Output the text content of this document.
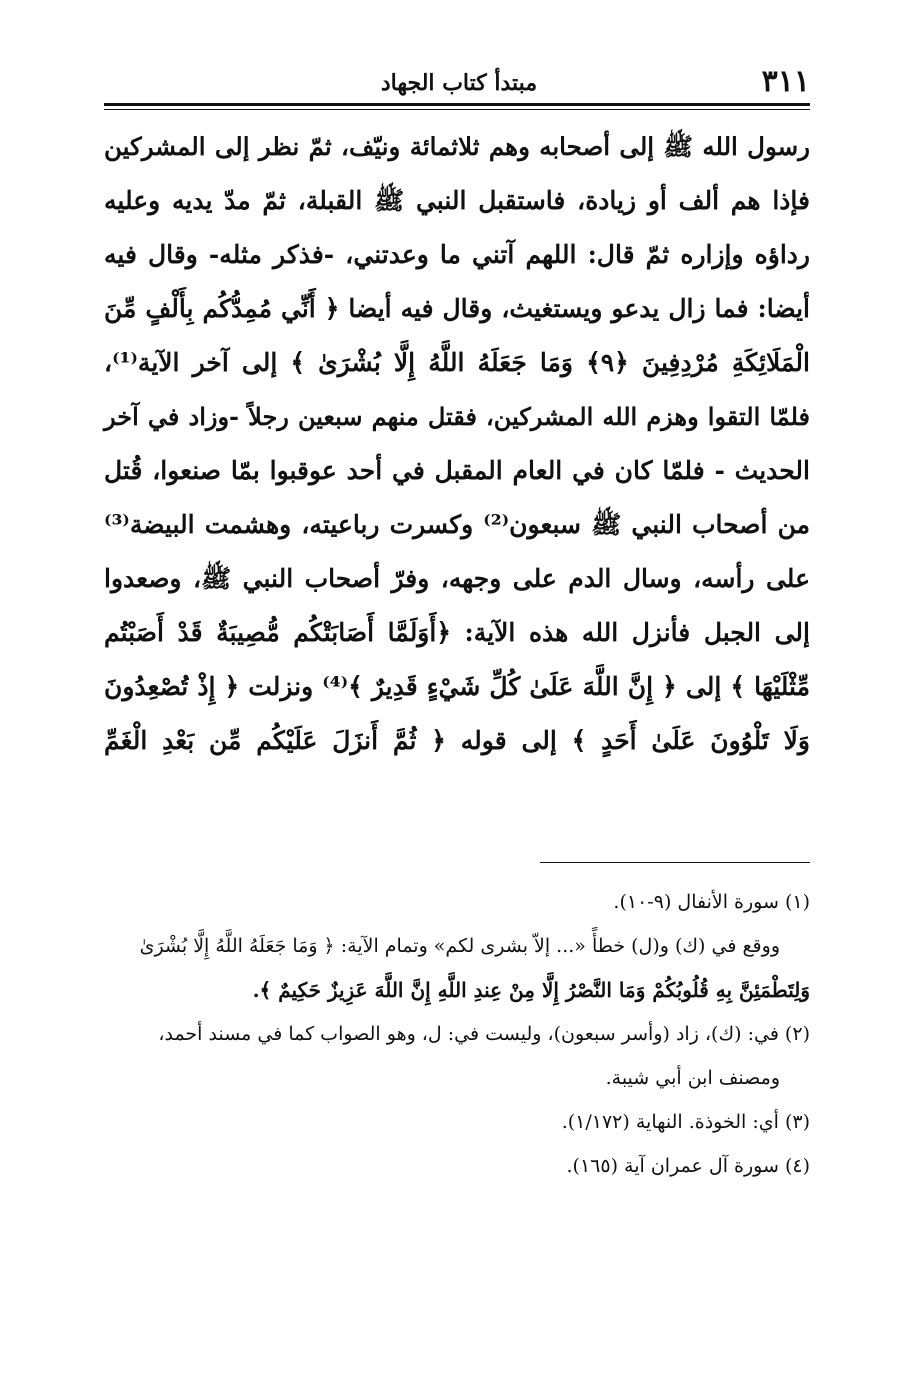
٣١١
مبتدأ كتاب الجهاد
رسول الله ﷺ إلى أصحابه وهم ثلاثمائة ونيّف، ثمّ نظر إلى المشركين
فإذا هم ألف أو زيادة، فاستقبل النبي ﷺ القبلة، ثمّ مدّ يديه وعليه
رداؤه وإزاره ثمّ قال: اللهم آتني ما وعدتني، -فذكر مثله- وقال فيه
أيضا: فما زال يدعو ويستغيث، وقال فيه أيضا ﴿ أَنِّي مُمِدُّكُم بِأَلْفٍ مِّنَ
الْمَلَائِكَةِ مُرْدِفِينَ ﴿٩﴾ وَمَا جَعَلَهُ اللَّهُ إِلَّا بُشْرَىٰ ﴾ إلى آخر الآية⁽¹⁾،
فلمّا التقوا وهزم الله المشركين، فقتل منهم سبعين رجلاً -وزاد في آخر
الحديث - فلمّا كان في العام المقبل في أحد عوقبوا بمّا صنعوا، قُتل
من أصحاب النبي ﷺ سبعون⁽²⁾ وكسرت رباعيته، وهشمت البيضة⁽³⁾
على رأسه، وسال الدم على وجهه، وفرّ أصحاب النبي ﷺ، وصعدوا
إلى الجبل فأنزل الله هذه الآية: ﴿أَوَلَمَّا أَصَابَتْكُم مُّصِيبَةٌ قَدْ أَصَبْتُم
مِّثْلَيْهَا ﴾ إلى ﴿ إِنَّ اللَّهَ عَلَىٰ كُلِّ شَيْءٍ قَدِيرٌ ﴾⁽⁴⁾ ونزلت ﴿ إِذْ تُصْعِدُونَ
وَلَا تَلْوُونَ عَلَىٰ أَحَدٍ ﴾ إلى قوله ﴿ ثُمَّ أَنزَلَ عَلَيْكُم مِّن بَعْدِ الْغَمِّ
(١) سورة الأنفال (٩-١٠).
ووقع في (ك) و(ل) خطأً «... إلاّ بشرى لكم» وتمام الآية: ﴿ وَمَا جَعَلَهُ اللَّهُ إِلَّا بُشْرَىٰ
وَلِتَطْمَئِنَّ بِهِ قُلُوبُكُمْ وَمَا النَّصْرُ إِلَّا مِنْ عِندِ اللَّهِ إِنَّ اللَّهَ عَزِيزٌ حَكِيمٌ ﴾.
(٢) في: (ك)، زاد (وأسر سبعون)، وليست في: ل، وهو الصواب كما في مسند أحمد،
ومصنف ابن أبي شيبة.
(٣) أي: الخوذة. النهاية (١/١٧٢).
(٤) سورة آل عمران آية (١٦٥).
